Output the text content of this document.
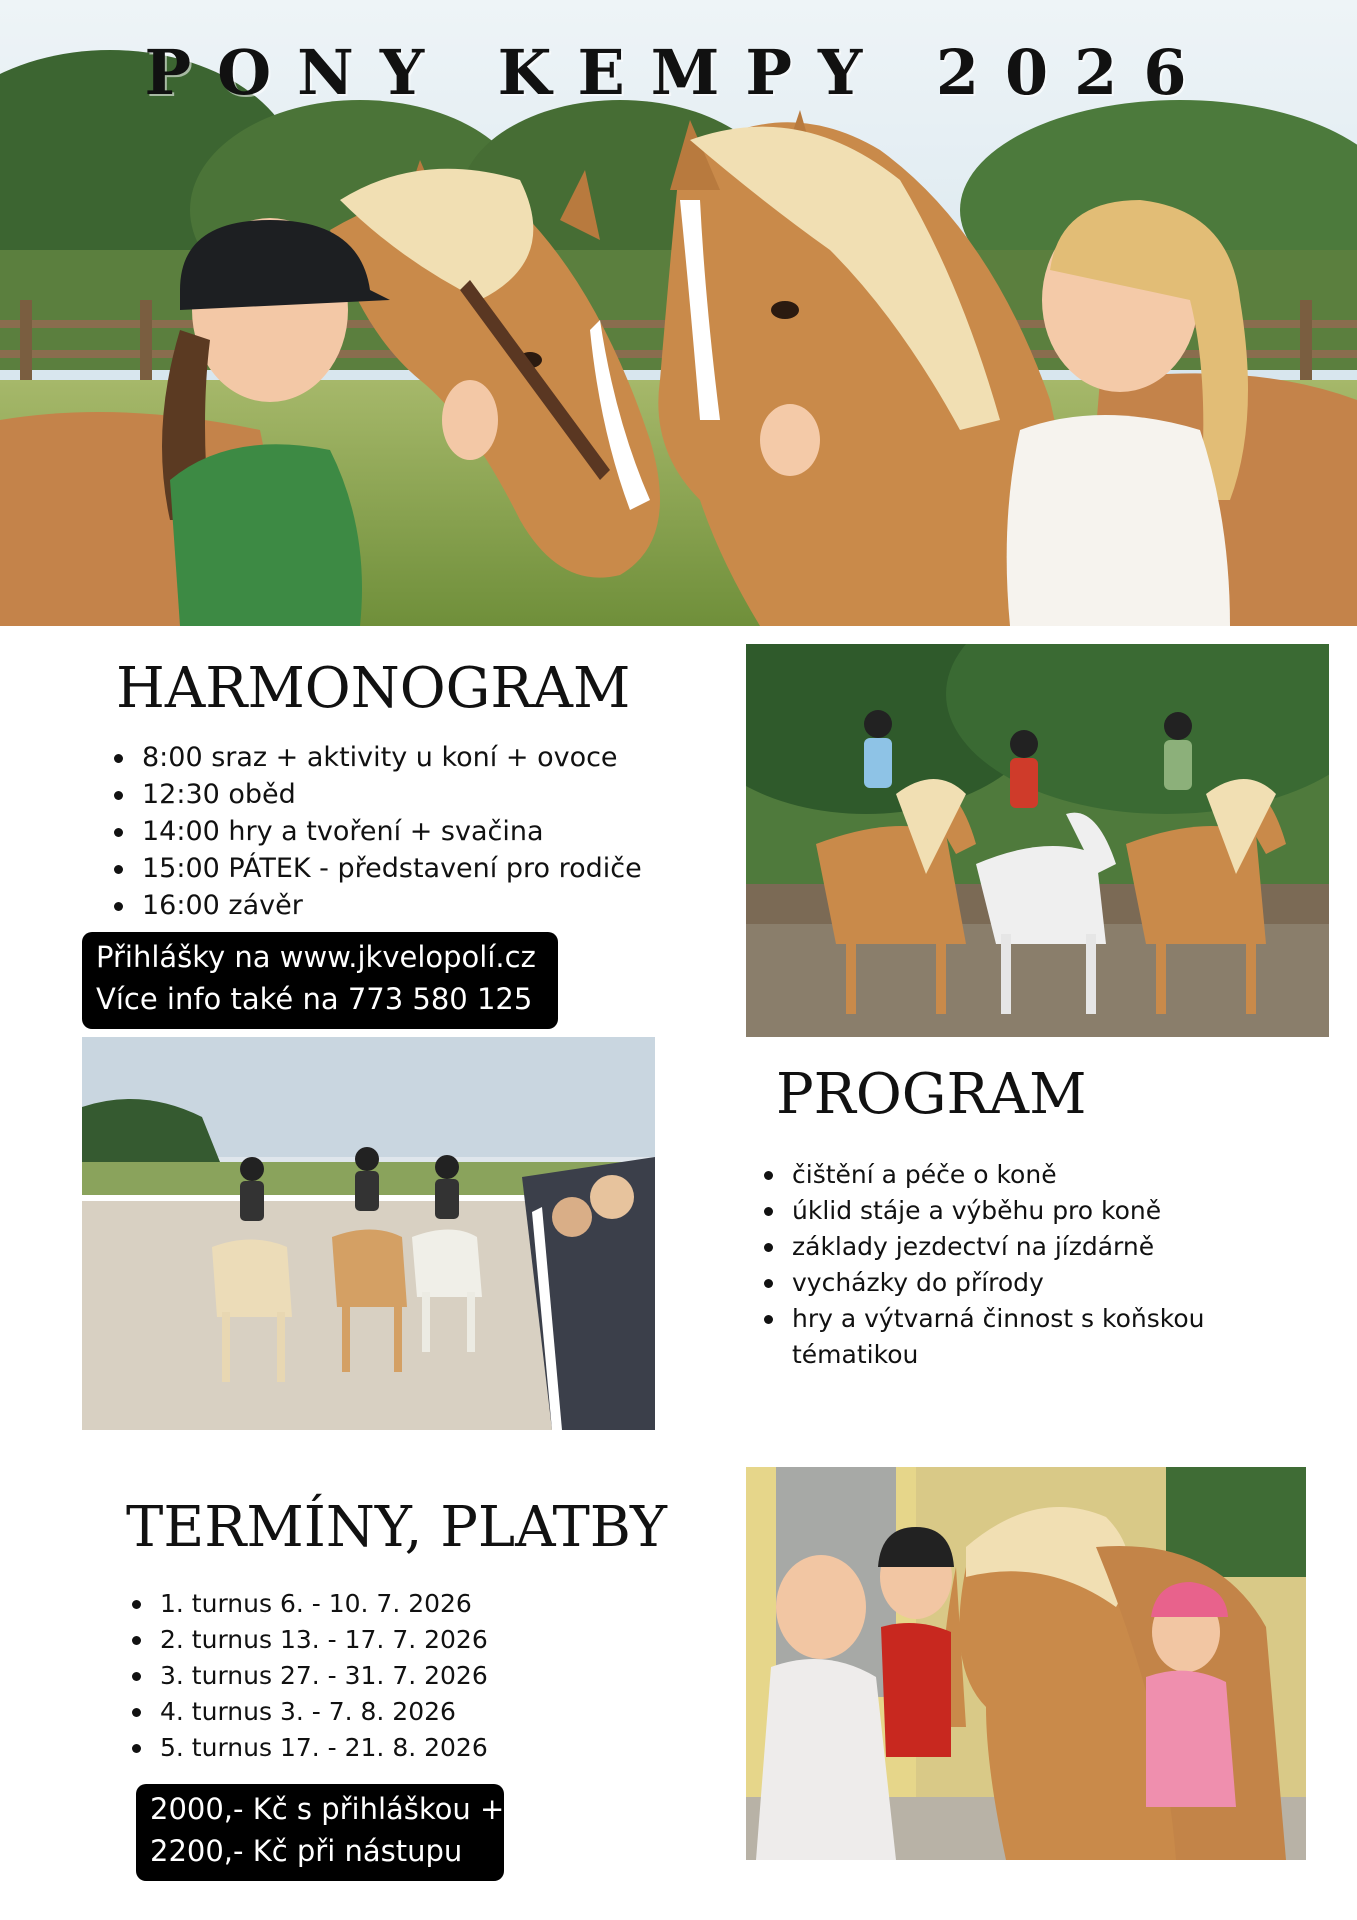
PONY KEMPY 2026
HARMONOGRAM
8:00 sraz + aktivity u koní + ovoce
12:30 oběd
14:00 hry a tvoření + svačina
15:00 PÁTEK - představení pro rodiče
16:00 závěr
Přihlášky na www.jkvelopolí.cz
Více info také na 773 580 125
PROGRAM
čištění a péče o koně
úklid stáje a výběhu pro koně
základy jezdectví na jízdárně
vycházky do přírody
hry a výtvarná činnost s koňskou tématikou
TERMÍNY, PLATBY
1. turnus 6. - 10. 7. 2026
2. turnus 13. - 17. 7. 2026
3. turnus 27. - 31. 7. 2026
4. turnus 3. - 7. 8. 2026
5. turnus 17. - 21. 8. 2026
2000,- Kč s přihláškou +
2200,- Kč při nástupu
